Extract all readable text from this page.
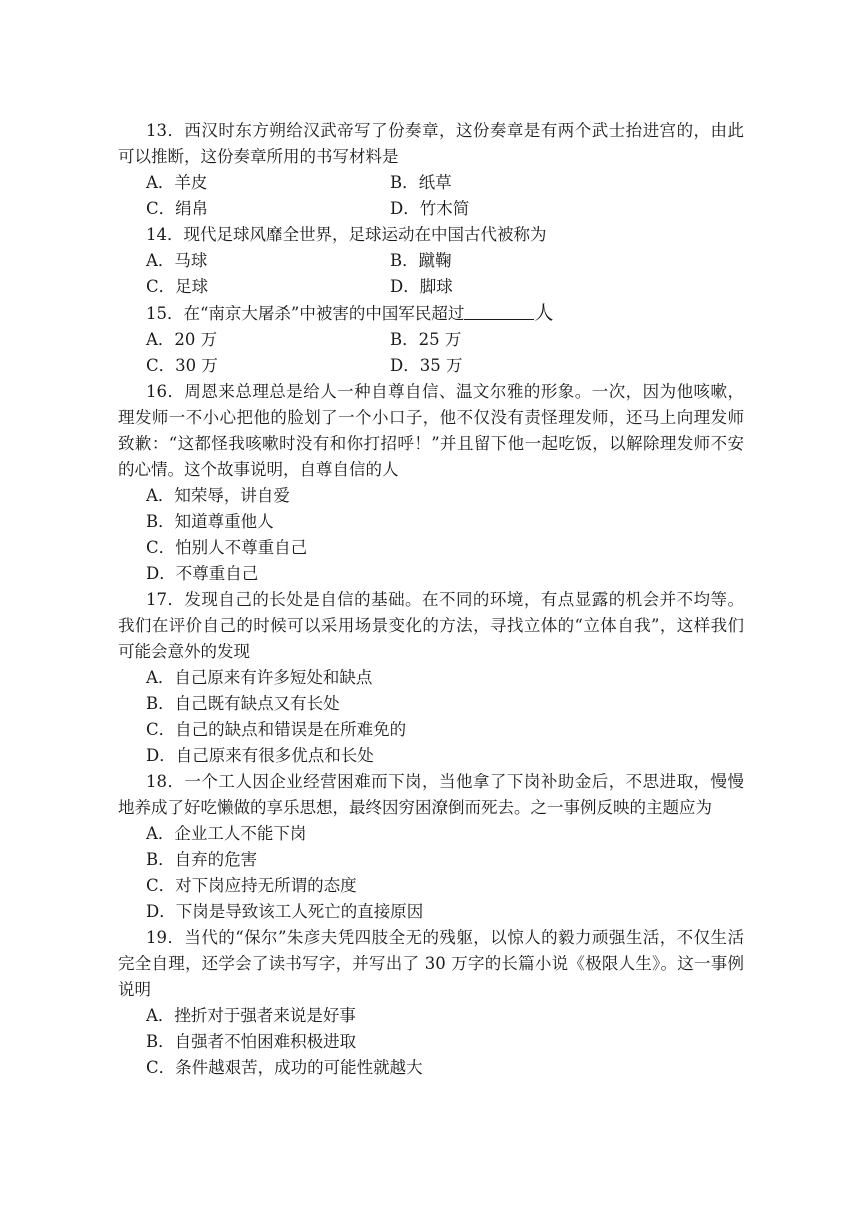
13．西汉时东方朔给汉武帝写了份奏章，这份奏章是有两个武士抬进宫的，由此可以推断，这份奏章所用的书写材料是

A．羊皮	B．纸草
C．绢帛	D．竹木简

14．现代足球风靡全世界，足球运动在中国古代被称为

A．马球	B．蹴鞠
C．足球	D．脚球

15．在“南京大屠杀”中被害的中国军民超过	人

A．20 万	B．25 万
C．30 万	D．35 万

16．周恩来总理总是给人一种自尊自信、温文尔雅的形象。一次，因为他咳嗽，理发师一不小心把他的脸划了一个小口子，他不仅没有责怪理发师，还马上向理发师致歉：“这都怪我咳嗽时没有和你打招呼！”并且留下他一起吃饭，以解除理发师不安的心情。这个故事说明，自尊自信的人

A．知荣辱，讲自爱
B．知道尊重他人
C．怕别人不尊重自己
D．不尊重自己

17．发现自己的长处是自信的基础。在不同的环境，有点显露的机会并不均等。我们在评价自己的时候可以采用场景变化的方法，寻找立体的“立体自我”，这样我们可能会意外的发现

A．自己原来有许多短处和缺点
B．自己既有缺点又有长处
C．自己的缺点和错误是在所难免的
D．自己原来有很多优点和长处

18．一个工人因企业经营困难而下岗，当他拿了下岗补助金后，不思进取，慢慢地养成了好吃懒做的享乐思想，最终因穷困潦倒而死去。之一事例反映的主题应为

A．企业工人不能下岗
B．自弃的危害
C．对下岗应持无所谓的态度
D．下岗是导致该工人死亡的直接原因

19．当代的“保尔”朱彦夫凭四肢全无的残躯，以惊人的毅力顽强生活，不仅生活完全自理，还学会了读书写字，并写出了 30 万字的长篇小说《极限人生》。这一事例说明

A．挫折对于强者来说是好事
B．自强者不怕困难积极进取
C．条件越艰苦，成功的可能性就越大
